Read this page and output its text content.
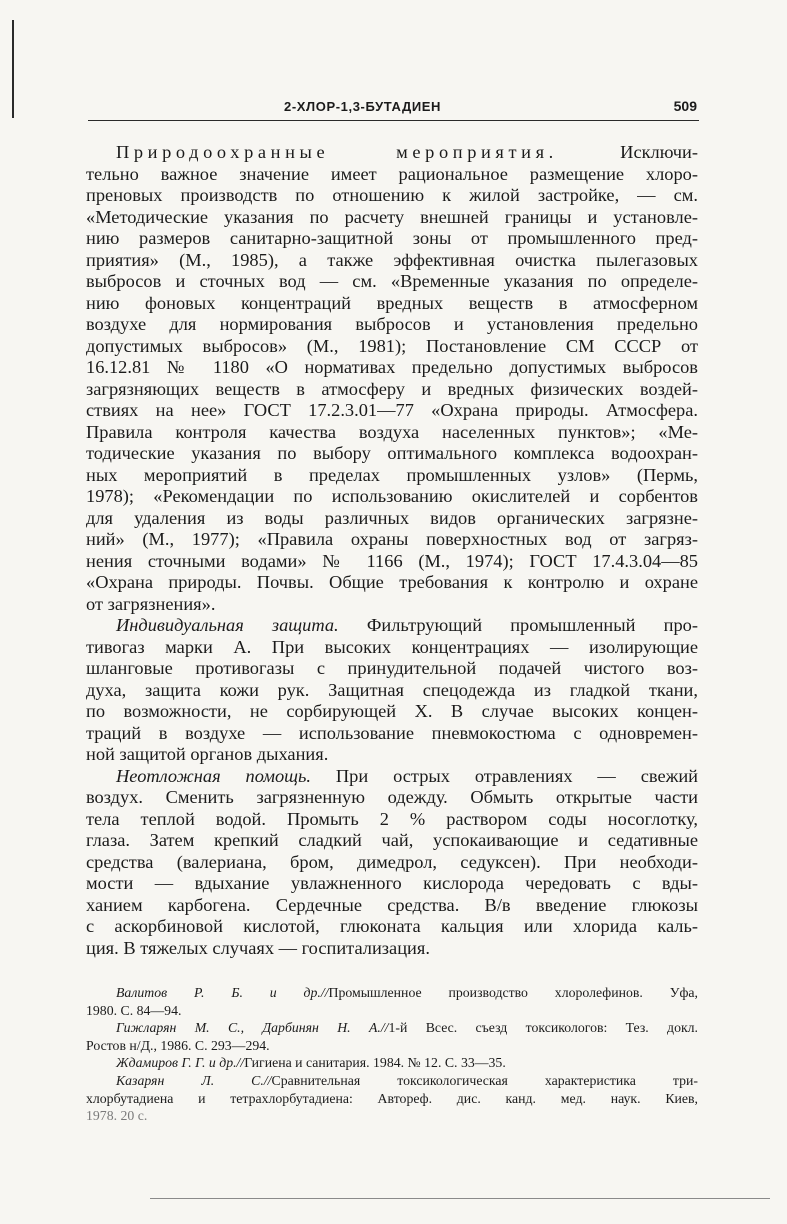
2-ХЛОР-1,3-БУТАДИЕН	509
Природоохранные мероприятия.	Исключи-
тельно важное значение имеет рациональное размещение хлоро-
преновых производств по отношению к жилой застройке, — см.
«Методические указания по расчету внешней границы и установле-
нию размеров санитарно-защитной зоны от промышленного пред-
приятия» (М., 1985), а также эффективная очистка пылегазовых
выбросов и сточных вод — см. «Временные указания по определе-
нию фоновых концентраций вредных веществ в атмосферном
воздухе для нормирования выбросов и установления предельно
допустимых выбросов» (М., 1981); Постановление СМ СССР от
16.12.81 № 1180 «О нормативах предельно допустимых выбросов
загрязняющих веществ в атмосферу и вредных физических воздей-
ствиях на нее» ГОСТ 17.2.3.01—77 «Охрана природы. Атмосфера.
Правила контроля качества воздуха населенных пунктов»; «Ме-
тодические указания по выбору оптимального комплекса водоохран-
ных мероприятий в пределах промышленных узлов» (Пермь,
1978); «Рекомендации по использованию окислителей и сорбентов
для удаления из воды различных видов органических загрязне-
ний» (М., 1977); «Правила охраны поверхностных вод от загряз-
нения сточными водами» № 1166 (М., 1974); ГОСТ 17.4.3.04—85
«Охрана природы. Почвы. Общие требования к контролю и охране
от загрязнения».
Индивидуальная защита. Фильтрующий промышленный про-
тивогаз марки А. При высоких концентрациях — изолирующие
шланговые противогазы с принудительной подачей чистого воз-
духа, защита кожи рук. Защитная спецодежда из гладкой ткани,
по возможности, не сорбирующей Х. В случае высоких концен-
траций в воздухе — использование пневмокостюма с одновремен-
ной защитой органов дыхания.
Неотложная помощь. При острых отравлениях — свежий
воздух. Сменить загрязненную одежду. Обмыть открытые части
тела теплой водой. Промыть 2 % раствором соды носоглотку,
глаза. Затем крепкий сладкий чай, успокаивающие и седативные
средства (валериана, бром, димедрол, седуксен). При необходи-
мости — вдыхание увлажненного кислорода чередовать с вды-
ханием карбогена. Сердечные средства. В/в введение глюкозы
с аскорбиновой кислотой, глюконата кальция или хлорида каль-
ция. В тяжелых случаях — госпитализация.
Валитов Р. Б. и др.//Промышленное производство хлоролефинов. Уфа,
1980. С. 84—94.
Гижларян М. С., Дарбинян Н. А.//1-й Всес. съезд токсикологов: Тез. докл.
Ростов н/Д., 1986. С. 293—294.
Ждамиров Г. Г. и др.//Гигиена и санитария. 1984. № 12. С. 33—35.
Казарян Л. С.//Сравнительная токсикологическая характеристика три-
хлорбутадиена и тетрахлорбутадиена: Автореф. дис. канд. мед. наук. Киев,
1978. 20 с.
